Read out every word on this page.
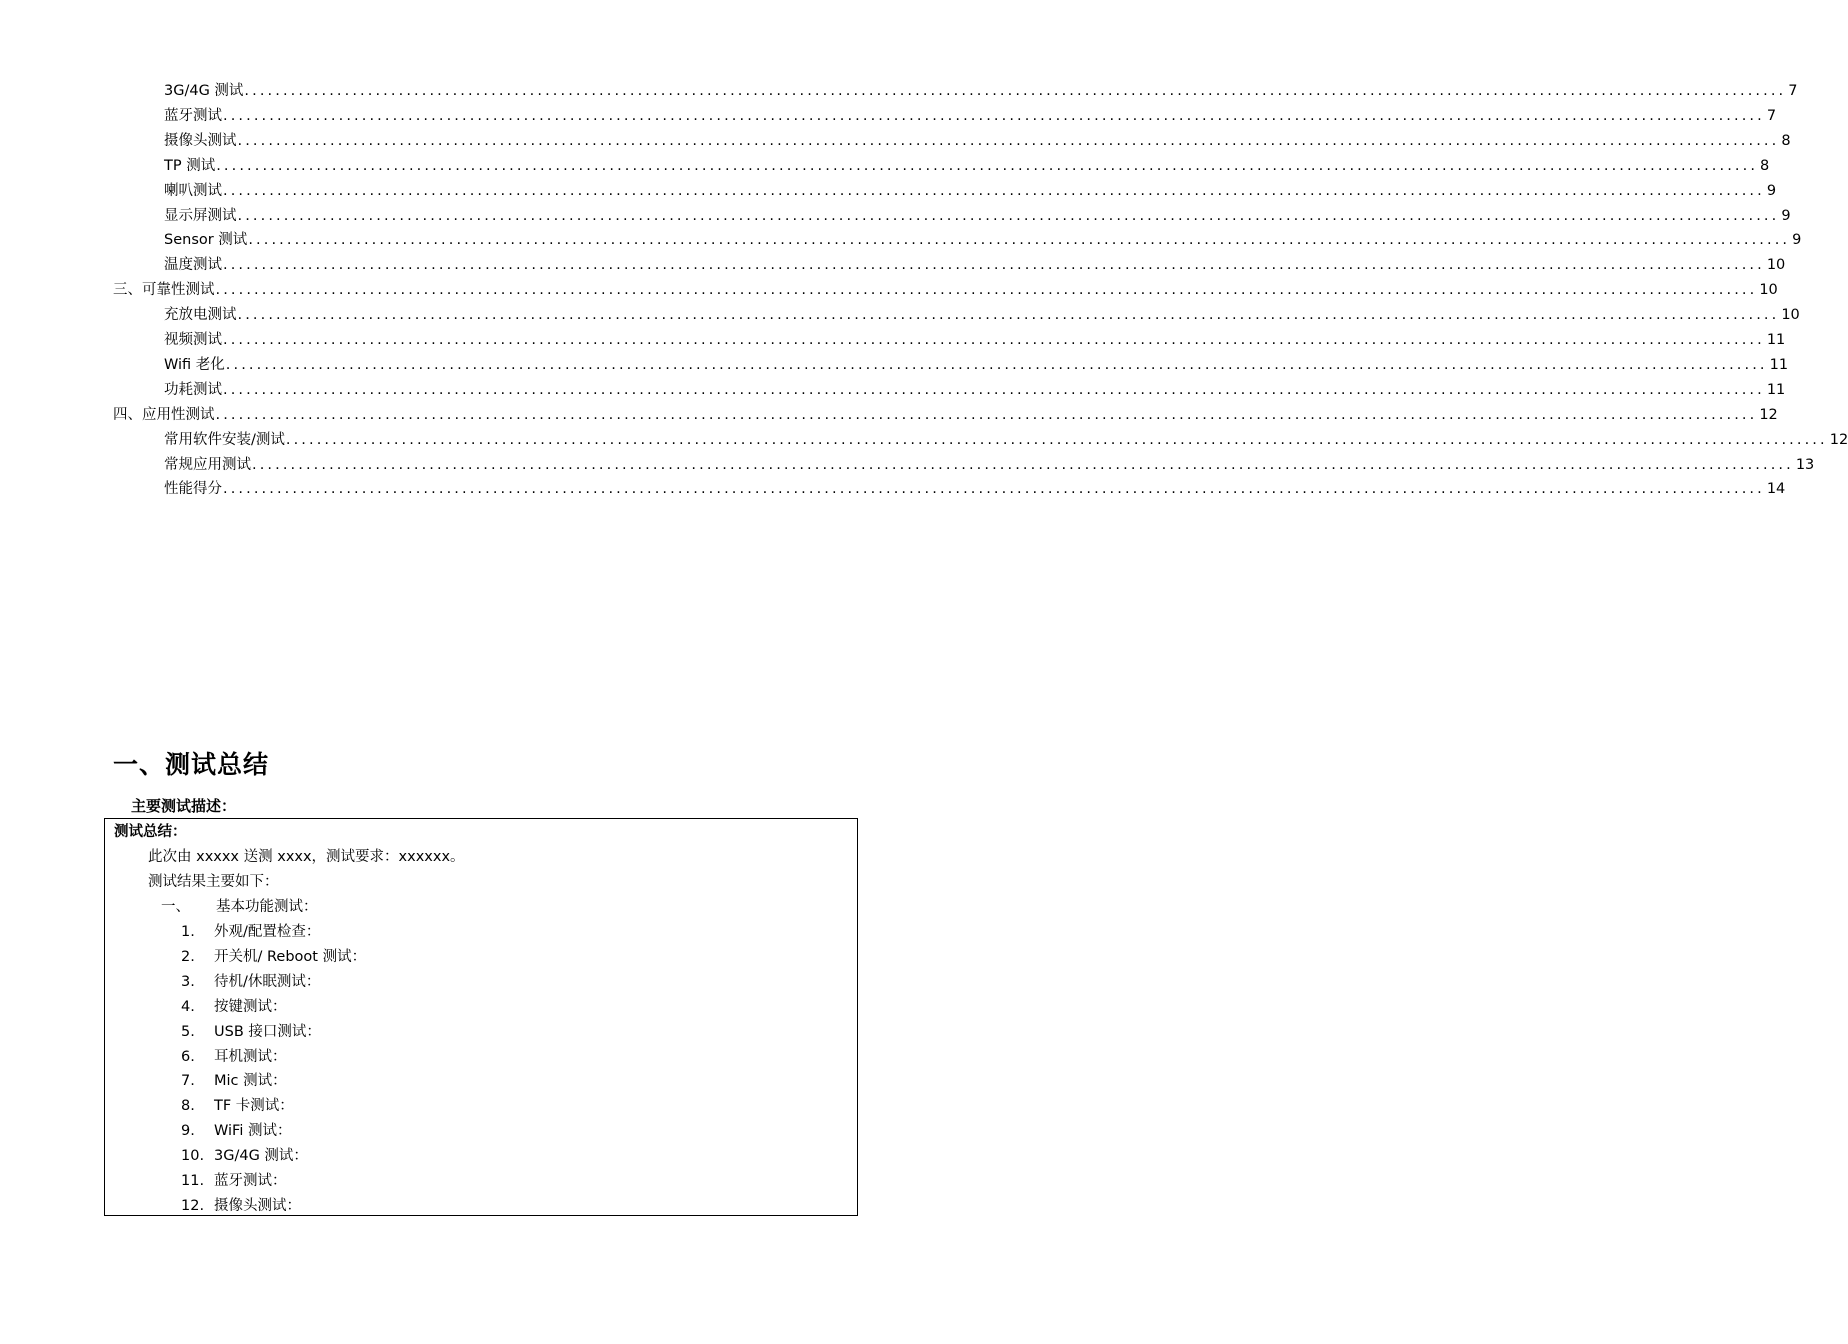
3G/4G 测试 ........................................................................................................................................................................................................ 7
蓝牙测试 ........................................................................................................................................................................................................ 7
摄像头测试 ........................................................................................................................................................................................................ 8
TP 测试 ........................................................................................................................................................................................................ 8
喇叭测试 ........................................................................................................................................................................................................ 9
显示屏测试 ........................................................................................................................................................................................................ 9
Sensor 测试 ........................................................................................................................................................................................................ 9
温度测试 ........................................................................................................................................................................................................ 10
三、可靠性测试 ........................................................................................................................................................................................................ 10
充放电测试 ........................................................................................................................................................................................................ 10
视频测试 ........................................................................................................................................................................................................ 11
Wifi 老化 ........................................................................................................................................................................................................ 11
功耗测试 ........................................................................................................................................................................................................ 11
四、应用性测试 ........................................................................................................................................................................................................ 12
常用软件安装/测试 ........................................................................................................................................................................................................ 12
常规应用测试 ........................................................................................................................................................................................................ 13
性能得分 ........................................................................................................................................................................................................ 14
一、测试总结
主要测试描述：
测试总结：
此次由 xxxxx 送测 xxxx，测试要求：xxxxxx。
测试结果主要如下：
一、 基本功能测试：
1. 外观/配置检查：
2. 开关机/ Reboot 测试：
3. 待机/休眠测试：
4. 按键测试：
5. USB 接口测试：
6. 耳机测试：
7. Mic 测试：
8. TF 卡测试：
9. WiFi 测试：
10. 3G/4G 测试：
11. 蓝牙测试：
12. 摄像头测试：
